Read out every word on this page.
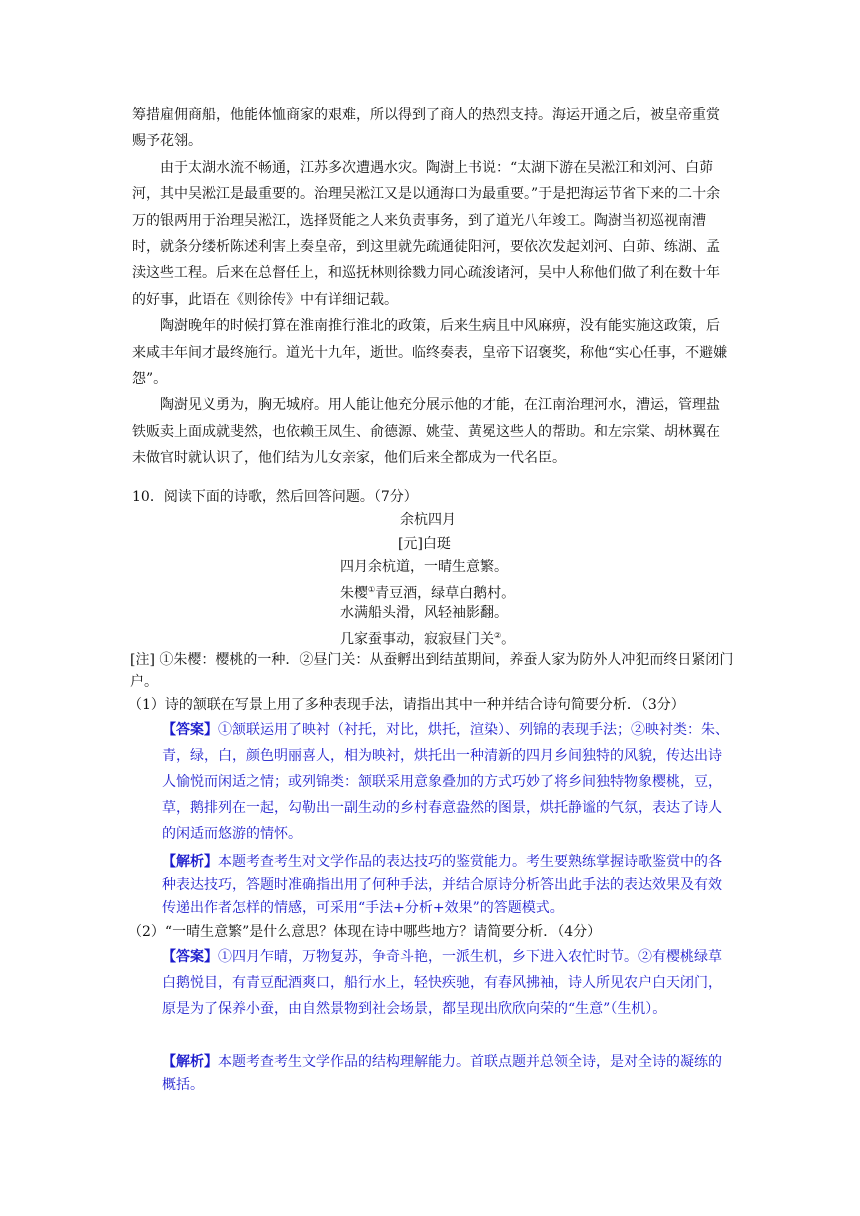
筹措雇佣商船，他能体恤商家的艰难，所以得到了商人的热烈支持。海运开通之后，被皇帝重赏赐予花翎。

由于太湖水流不畅通，江苏多次遭遇水灾。陶澍上书说：“太湖下游在吴淞江和刘河、白茆河，其中吴淞江是最重要的。治理吴淞江又是以通海口为最重要。”于是把海运节省下来的二十余万的银两用于治理吴淞江，选择贤能之人来负责事务，到了道光八年竣工。陶澍当初巡视南漕时，就条分缕析陈述利害上奏皇帝，到这里就先疏通徒阳河，要依次发起刘河、白茆、练湖、孟渎这些工程。后来在总督任上，和巡抚林则徐戮力同心疏浚诸河，吴中人称他们做了利在数十年的好事，此语在《则徐传》中有详细记载。

陶澍晚年的时候打算在淮南推行淮北的政策，后来生病且中风麻痹，没有能实施这政策，后来咸丰年间才最终施行。道光十九年，逝世。临终奏表，皇帝下诏褒奖，称他“实心任事，不避嫌怨”。

陶澍见义勇为，胸无城府。用人能让他充分展示他的才能，在江南治理河水，漕运，管理盐铁贩卖上面成就斐然，也依赖王凤生、俞德源、姚莹、黄冕这些人的帮助。和左宗棠、胡林翼在未做官时就认识了，他们结为儿女亲家，他们后来全都成为一代名臣。

10．阅读下面的诗歌，然后回答问题。（7分）
余杭四月
[元]白珽
四月余杭道，一晴生意繁。
朱樱①青豆酒，绿草白鹅村。
水满船头滑，风轻袖影翻。
几家蚕事动，寂寂昼门关②。
[注] ①朱樱：樱桃的一种．②昼门关：从蚕孵出到结茧期间，养蚕人家为防外人冲犯而终日紧闭门户。
（1）诗的颔联在写景上用了多种表现手法，请指出其中一种并结合诗句简要分析．（3分）

【答案】①颔联运用了映衬（衬托，对比，烘托，渲染）、列锦的表现手法；②映衬类：朱、青，绿，白，颜色明丽喜人，相为映衬，烘托出一种清新的四月乡间独特的风貌，传达出诗人愉悦而闲适之情；或列锦类：颔联采用意象叠加的方式巧妙了将乡间独特物象樱桃，豆，草，鹅排列在一起，勾勒出一副生动的乡村春意盎然的图景，烘托静谧的气氛，表达了诗人的闲适而悠游的情怀。

【解析】本题考查考生对文学作品的表达技巧的鉴赏能力。考生要熟练掌握诗歌鉴赏中的各种表达技巧，答题时准确指出用了何种手法，并结合原诗分析答出此手法的表达效果及有效传递出作者怎样的情感，可采用“手法+分析+效果”的答题模式。

（2）“一晴生意繁”是什么意思？体现在诗中哪些地方？请简要分析．（4分）

【答案】①四月乍晴，万物复苏，争奇斗艳，一派生机，乡下进入农忙时节。②有樱桃绿草白鹅悦目，有青豆配酒爽口，船行水上，轻快疾驰，有春风拂袖，诗人所见农户白天闭门，原是为了保养小蚕，由自然景物到社会场景，都呈现出欣欣向荣的“生意”（生机）。

【解析】本题考查考生文学作品的结构理解能力。首联点题并总领全诗，是对全诗的凝练的概括。
